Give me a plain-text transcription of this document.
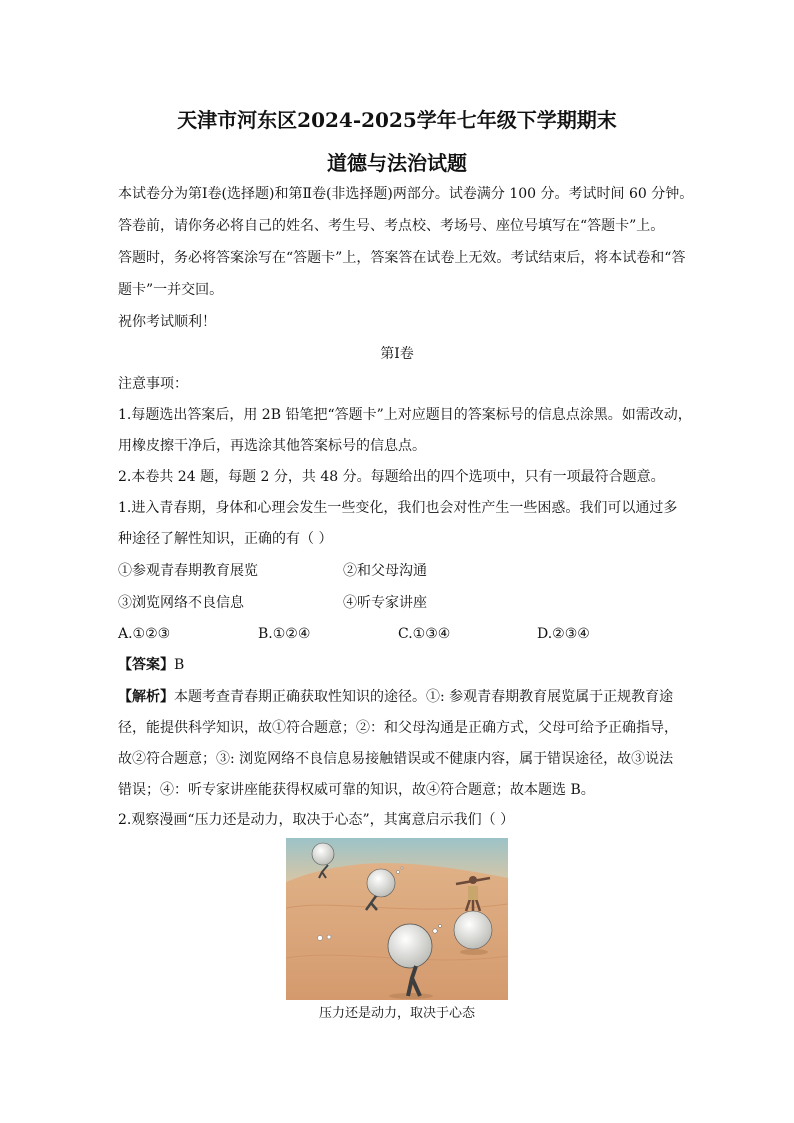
天津市河东区2024-2025学年七年级下学期期末
道德与法治试题
本试卷分为第Ⅰ卷(选择题)和第Ⅱ卷(非选择题)两部分。试卷满分 100 分。考试时间 60 分钟。
答卷前，请你务必将自己的姓名、考生号、考点校、考场号、座位号填写在“答题卡”上。
答题时，务必将答案涂写在“答题卡”上，答案答在试卷上无效。考试结束后，将本试卷和“答
题卡”一并交回。
祝你考试顺利！
第Ⅰ卷
注意事项：
1.每题选出答案后，用 2B 铅笔把“答题卡”上对应题目的答案标号的信息点涂黑。如需改动，
用橡皮擦干净后，再选涂其他答案标号的信息点。
2.本卷共 24 题，每题 2 分，共 48 分。每题给出的四个选项中，只有一项最符合题意。
1.进入青春期，身体和心理会发生一些变化，我们也会对性产生一些困惑。我们可以通过多
种途径了解性知识，正确的有（ ）
①参观青春期教育展览	②和父母沟通
③浏览网络不良信息	④听专家讲座
A.①②③	B.①②④	C.①③④	D.②③④
【答案】B
【解析】本题考查青春期正确获取性知识的途径。①: 参观青春期教育展览属于正规教育途
径，能提供科学知识，故①符合题意；②：和父母沟通是正确方式，父母可给予正确指导，
故②符合题意；③: 浏览网络不良信息易接触错误或不健康内容，属于错误途径，故③说法
错误；④：听专家讲座能获得权威可靠的知识，故④符合题意；故本题选 B。
2.观察漫画“压力还是动力，取决于心态”，其寓意启示我们（ ）
压力还是动力，取决于心态
